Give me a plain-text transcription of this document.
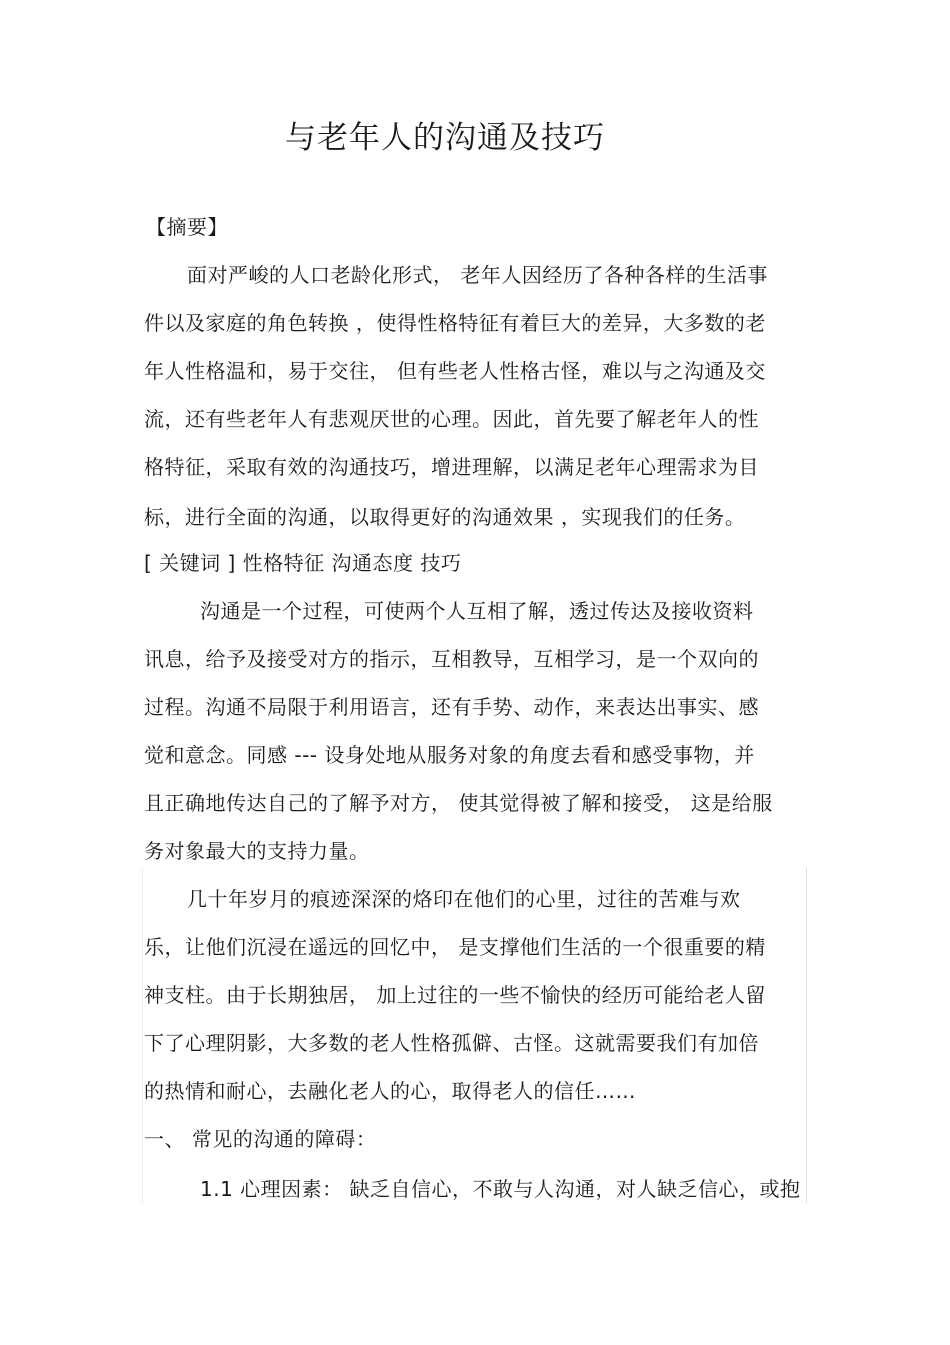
与老年人的沟通及技巧
【摘要】
面对严峻的人口老龄化形式， 老年人因经历了各种各样的生活事
件以及家庭的角色转换 ，使得性格特征有着巨大的差异，大多数的老
年人性格温和，易于交往， 但有些老人性格古怪，难以与之沟通及交
流，还有些老年人有悲观厌世的心理。因此，首先要了解老年人的性
格特征，采取有效的沟通技巧，增进理解，以满足老年心理需求为目
标，进行全面的沟通，以取得更好的沟通效果 ，实现我们的任务。
[ 关键词 ] 性格特征 沟通态度 技巧
沟通是一个过程，可使两个人互相了解，透过传达及接收资料
讯息，给予及接受对方的指示，互相教导，互相学习，是一个双向的
过程。沟通不局限于利用语言，还有手势、动作，来表达出事实、感
觉和意念。同感 --- 设身处地从服务对象的角度去看和感受事物，并
且正确地传达自己的了解予对方， 使其觉得被了解和接受， 这是给服
务对象最大的支持力量。
几十年岁月的痕迹深深的烙印在他们的心里，过往的苦难与欢
乐，让他们沉浸在遥远的回忆中， 是支撑他们生活的一个很重要的精
神支柱。由于长期独居， 加上过往的一些不愉快的经历可能给老人留
下了心理阴影，大多数的老人性格孤僻、古怪。这就需要我们有加倍
的热情和耐心，去融化老人的心，取得老人的信任……
一、 常见的沟通的障碍：
1.1 心理因素： 缺乏自信心，不敢与人沟通，对人缺乏信心，或抱
